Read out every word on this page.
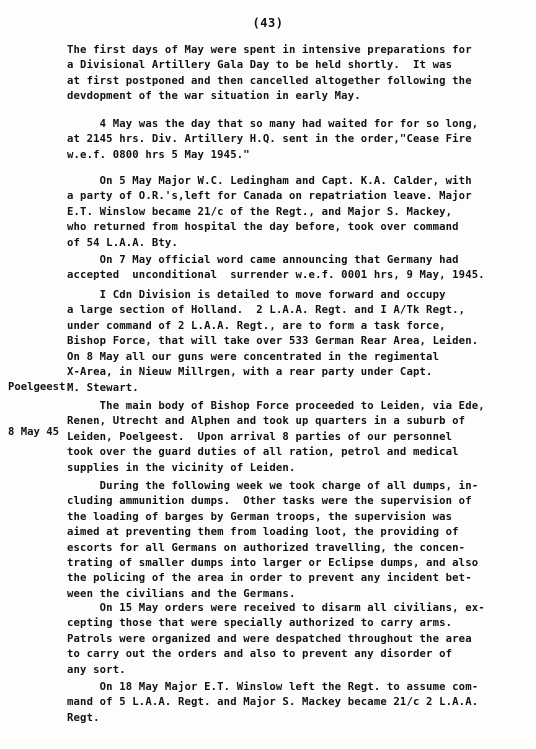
(43)
The first days of May were spent in intensive preparations for
a Divisional Artillery Gala Day to be held shortly.  It was
at first postponed and then cancelled altogether following the
devdopment of the war situation in early May.
4 May was the day that so many had waited for for so long,
at 2145 hrs. Div. Artillery H.Q. sent in the order,"Cease Fire
w.e.f. 0800 hrs 5 May 1945."
On 5 May Major W.C. Ledingham and Capt. K.A. Calder, with
a party of O.R.'s,left for Canada on repatriation leave. Major
E.T. Winslow became 21/c of the Regt., and Major S. Mackey,
who returned from hospital the day before, took over command
of 54 L.A.A. Bty.
On 7 May official word came announcing that Germany had
accepted  unconditional  surrender w.e.f. 0001 hrs, 9 May, 1945.
I Cdn Division is detailed to move forward and occupy
a large section of Holland.  2 L.A.A. Regt. and I A/Tk Regt.,
under command of 2 L.A.A. Regt., are to form a task force,
Bishop Force, that will take over 533 German Rear Area, Leiden.

Poelgeest.

8 May 45

On 8 May all our guns were concentrated in the regimental
X-Area, in Nieuw Millrgen, with a rear party under Capt.
M. Stewart.
The main body of Bishop Force proceeded to Leiden, via Ede,
Renen, Utrecht and Alphen and took up quarters in a suburb of
Leiden, Poelgeest.  Upon arrival 8 parties of our personnel
took over the guard duties of all ration, petrol and medical
supplies in the vicinity of Leiden.
During the following week we took charge of all dumps, in-
cluding ammunition dumps.  Other tasks were the supervision of
the loading of barges by German troops, the supervision was
aimed at preventing them from loading loot, the providing of
escorts for all Germans on authorized travelling, the concen-
trating of smaller dumps into larger or Eclipse dumps, and also
the policing of the area in order to prevent any incident bet-
ween the civilians and the Germans.
On 15 May orders were received to disarm all civilians, ex-
cepting those that were specially authorized to carry arms.
Patrols were organized and were despatched throughout the area
to carry out the orders and also to prevent any disorder of
any sort.
On 18 May Major E.T. Winslow left the Regt. to assume com-
mand of 5 L.A.A. Regt. and Major S. Mackey became 21/c 2 L.A.A.
Regt.
